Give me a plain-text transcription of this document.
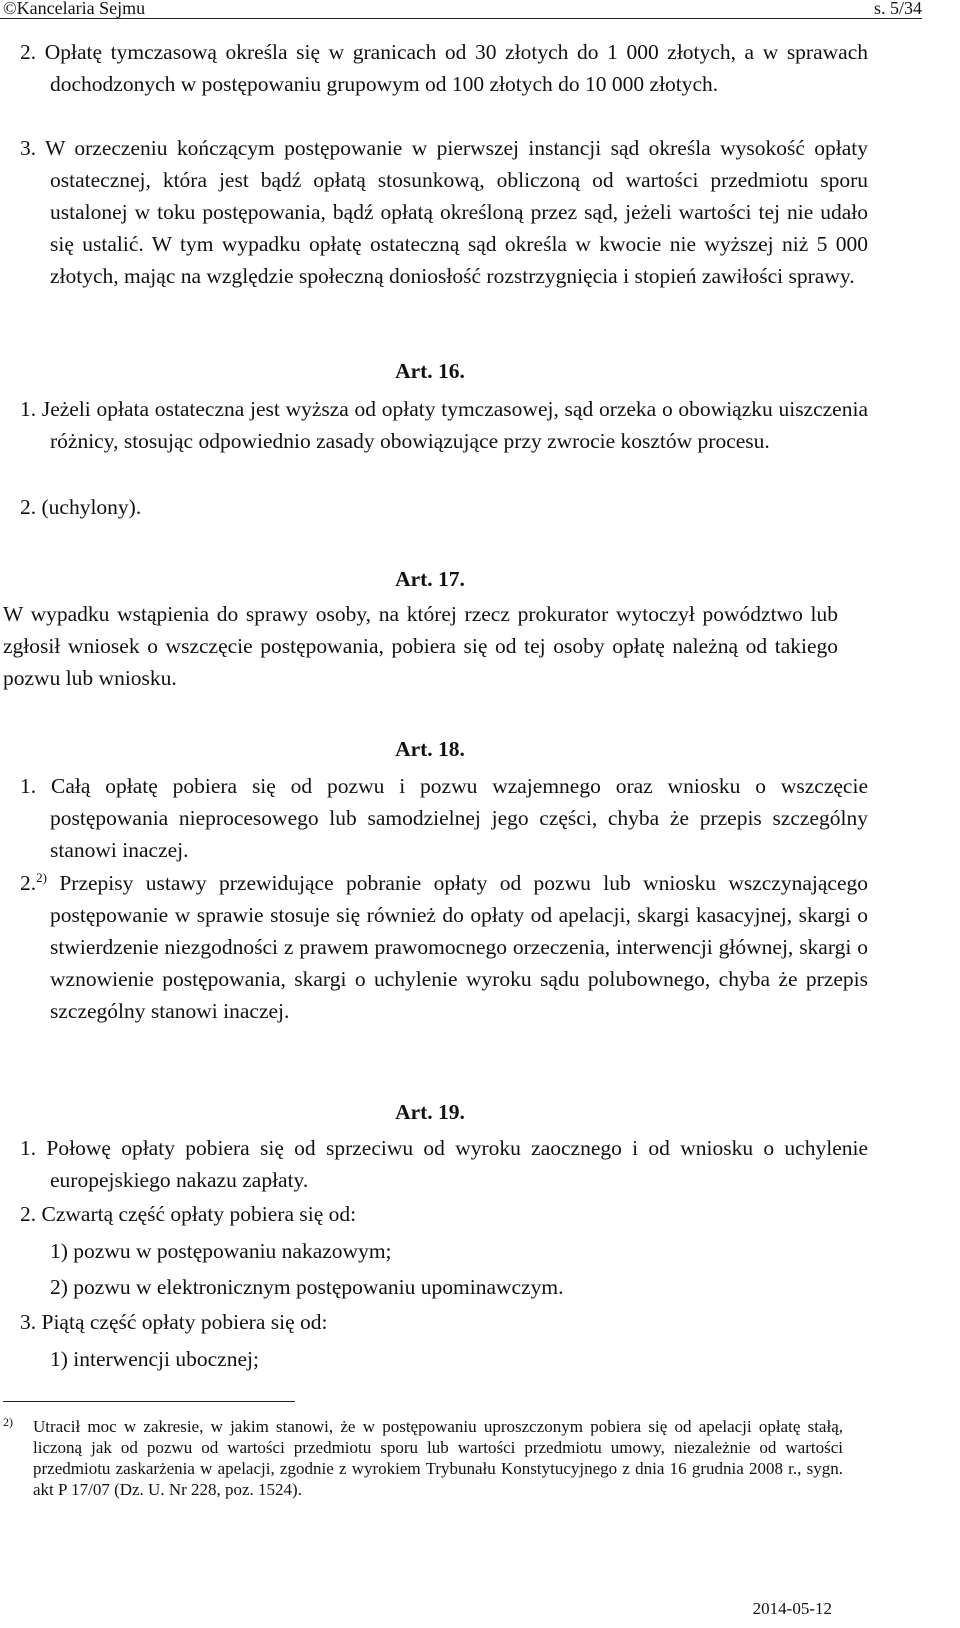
©Kancelaria Sejmu	s. 5/34
2. Opłatę tymczasową określa się w granicach od 30 złotych do 1 000 złotych, a w sprawach dochodzonych w postępowaniu grupowym od 100 złotych do 10 000 złotych.
3. W orzeczeniu kończącym postępowanie w pierwszej instancji sąd określa wysokość opłaty ostatecznej, która jest bądź opłatą stosunkową, obliczoną od wartości przedmiotu sporu ustalonej w toku postępowania, bądź opłatą określoną przez sąd, jeżeli wartości tej nie udało się ustalić. W tym wypadku opłatę ostateczną sąd określa w kwocie nie wyższej niż 5 000 złotych, mając na względzie społeczną doniosłość rozstrzygnięcia i stopień zawiłości sprawy.
Art. 16.
1. Jeżeli opłata ostateczna jest wyższa od opłaty tymczasowej, sąd orzeka o obowiązku uiszczenia różnicy, stosując odpowiednio zasady obowiązujące przy zwrocie kosztów procesu.
2. (uchylony).
Art. 17.
W wypadku wstąpienia do sprawy osoby, na której rzecz prokurator wytoczył powództwo lub zgłosił wniosek o wszczęcie postępowania, pobiera się od tej osoby opłatę należną od takiego pozwu lub wniosku.
Art. 18.
1. Całą opłatę pobiera się od pozwu i pozwu wzajemnego oraz wniosku o wszczęcie postępowania nieprocesowego lub samodzielnej jego części, chyba że przepis szczególny stanowi inaczej.
2.$^{2)}$ Przepisy ustawy przewidujące pobranie opłaty od pozwu lub wniosku wszczynającego postępowanie w sprawie stosuje się również do opłaty od apelacji, skargi kasacyjnej, skargi o stwierdzenie niezgodności z prawem prawomocnego orzeczenia, interwencji głównej, skargi o wznowienie postępowania, skargi o uchylenie wyroku sądu polubownego, chyba że przepis szczególny stanowi inaczej.
Art. 19.
1. Połowę opłaty pobiera się od sprzeciwu od wyroku zaocznego i od wniosku o uchylenie europejskiego nakazu zapłaty.
2. Czwartą część opłaty pobiera się od:
1) pozwu w postępowaniu nakazowym;
2) pozwu w elektronicznym postępowaniu upominawczym.
3. Piątą część opłaty pobiera się od:
1) interwencji ubocznej;
2) Utracił moc w zakresie, w jakim stanowi, że w postępowaniu uproszczonym pobiera się od apelacji opłatę stałą, liczoną jak od pozwu od wartości przedmiotu sporu lub wartości przedmiotu umowy, niezależnie od wartości przedmiotu zaskarżenia w apelacji, zgodnie z wyrokiem Trybunału Konstytucyjnego z dnia 16 grudnia 2008 r., sygn. akt P 17/07 (Dz. U. Nr 228, poz. 1524).
2014-05-12
